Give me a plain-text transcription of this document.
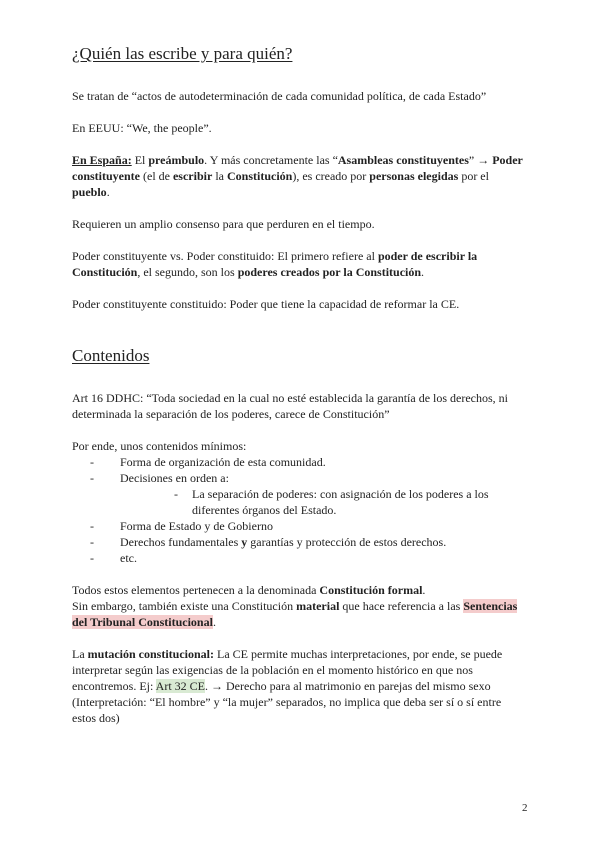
¿Quién las escribe y para quién?

Se tratan de “actos de autodeterminación de cada comunidad política, de cada Estado”

En EEUU: “We, the people”.

En España: El preámbulo. Y más concretamente las “Asambleas constituyentes” → Poder constituyente (el de escribir la Constitución), es creado por personas elegidas por el pueblo.

Requieren un amplio consenso para que perduren en el tiempo.

Poder constituyente vs. Poder constituido: El primero refiere al poder de escribir la Constitución, el segundo, son los poderes creados por la Constitución.

Poder constituyente constituido: Poder que tiene la capacidad de reformar la CE.

Contenidos

Art 16 DDHC: “Toda sociedad en la cual no esté establecida la garantía de los derechos, ni determinada la separación de los poderes, carece de Constitución”

Por ende, unos contenidos mínimos:

- Forma de organización de esta comunidad.
- Decisiones en orden a:
- La separación de poderes: con asignación de los poderes a los diferentes órganos del Estado.
- Forma de Estado y de Gobierno
- Derechos fundamentales y garantías y protección de estos derechos.
- etc.

Todos estos elementos pertenecen a la denominada Constitución formal.
Sin embargo, también existe una Constitución material que hace referencia a las Sentencias del Tribunal Constitucional.

La mutación constitucional: La CE permite muchas interpretaciones, por ende, se puede interpretar según las exigencias de la población en el momento histórico en que nos encontremos. Ej: Art 32 CE. → Derecho para al matrimonio en parejas del mismo sexo (Interpretación: “El hombre” y “la mujer” separados, no implica que deba ser sí o sí entre estos dos)

2
